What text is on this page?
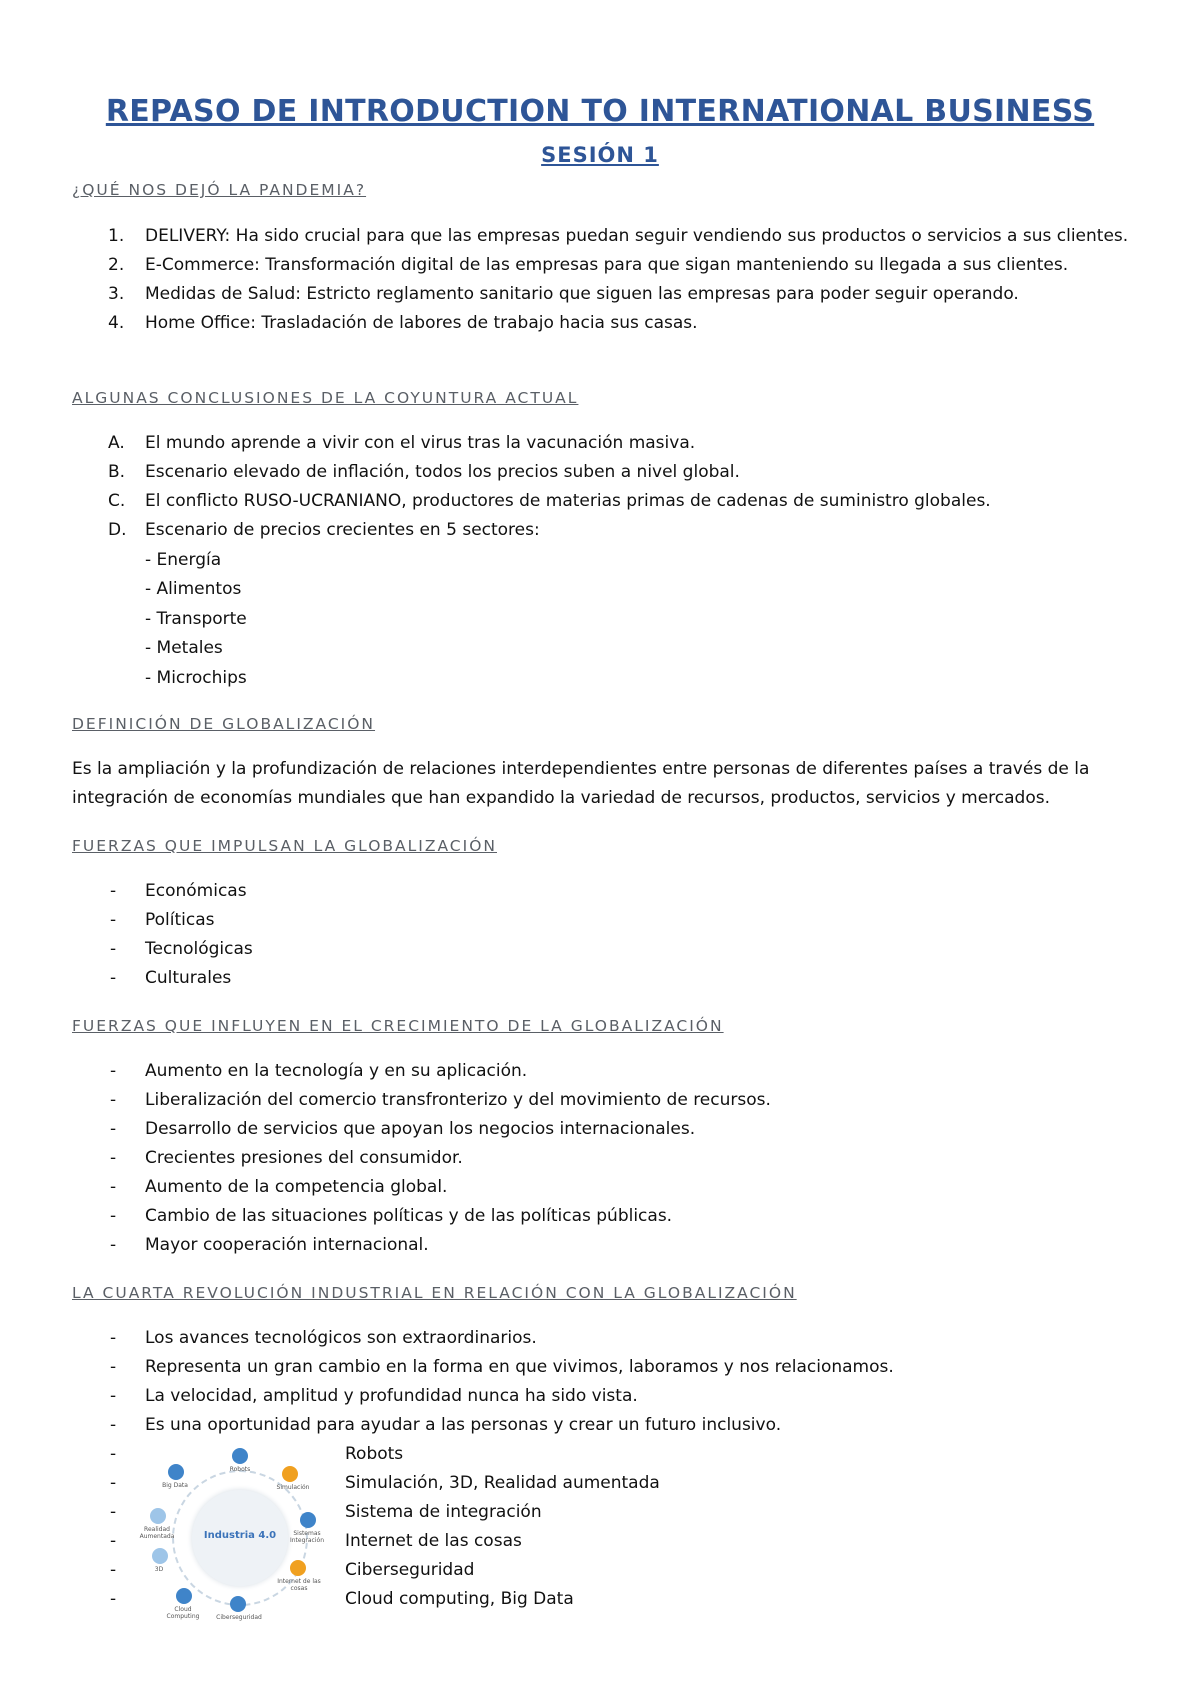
REPASO DE INTRODUCTION TO INTERNATIONAL BUSINESS
SESIÓN 1
¿QUÉ NOS DEJÓ LA PANDEMIA?
1. DELIVERY: Ha sido crucial para que las empresas puedan seguir vendiendo sus productos o servicios a sus clientes.
2. E-Commerce: Transformación digital de las empresas para que sigan manteniendo su llegada a sus clientes.
3. Medidas de Salud: Estricto reglamento sanitario que siguen las empresas para poder seguir operando.
4. Home Office: Trasladación de labores de trabajo hacia sus casas.
ALGUNAS CONCLUSIONES DE LA COYUNTURA ACTUAL
A. El mundo aprende a vivir con el virus tras la vacunación masiva.
B. Escenario elevado de inflación, todos los precios suben a nivel global.
C. El conflicto RUSO-UCRANIANO, productores de materias primas de cadenas de suministro globales.
D. Escenario de precios crecientes en 5 sectores:
- Energía
- Alimentos
- Transporte
- Metales
- Microchips
DEFINICIÓN DE GLOBALIZACIÓN

Es la ampliación y la profundización de relaciones interdependientes entre personas de diferentes países a través de la integración de economías mundiales que han expandido la variedad de recursos, productos, servicios y mercados.

FUERZAS QUE IMPULSAN LA GLOBALIZACIÓN
- Económicas
- Políticas
- Tecnológicas
- Culturales
FUERZAS QUE INFLUYEN EN EL CRECIMIENTO DE LA GLOBALIZACIÓN
- Aumento en la tecnología y en su aplicación.
- Liberalización del comercio transfronterizo y del movimiento de recursos.
- Desarrollo de servicios que apoyan los negocios internacionales.
- Crecientes presiones del consumidor.
- Aumento de la competencia global.
- Cambio de las situaciones políticas y de las políticas públicas.
- Mayor cooperación internacional.
LA CUARTA REVOLUCIÓN INDUSTRIAL EN RELACIÓN CON LA GLOBALIZACIÓN
- Los avances tecnológicos son extraordinarios.
- Representa un gran cambio en la forma en que vivimos, laboramos y nos relacionamos.
- La velocidad, amplitud y profundidad nunca ha sido vista.
- Es una oportunidad para ayudar a las personas y crear un futuro inclusivo.
-	Robots
-	Simulación, 3D, Realidad aumentada
-	Sistema de integración
-	Internet de las cosas
-	Ciberseguridad
-	Cloud computing, Big Data
Industria 4.0
Robots
Simulación
Sistemas Integración
Internet de las cosas
Ciberseguridad
Cloud Computing
3D
Realidad Aumentada
Big Data
